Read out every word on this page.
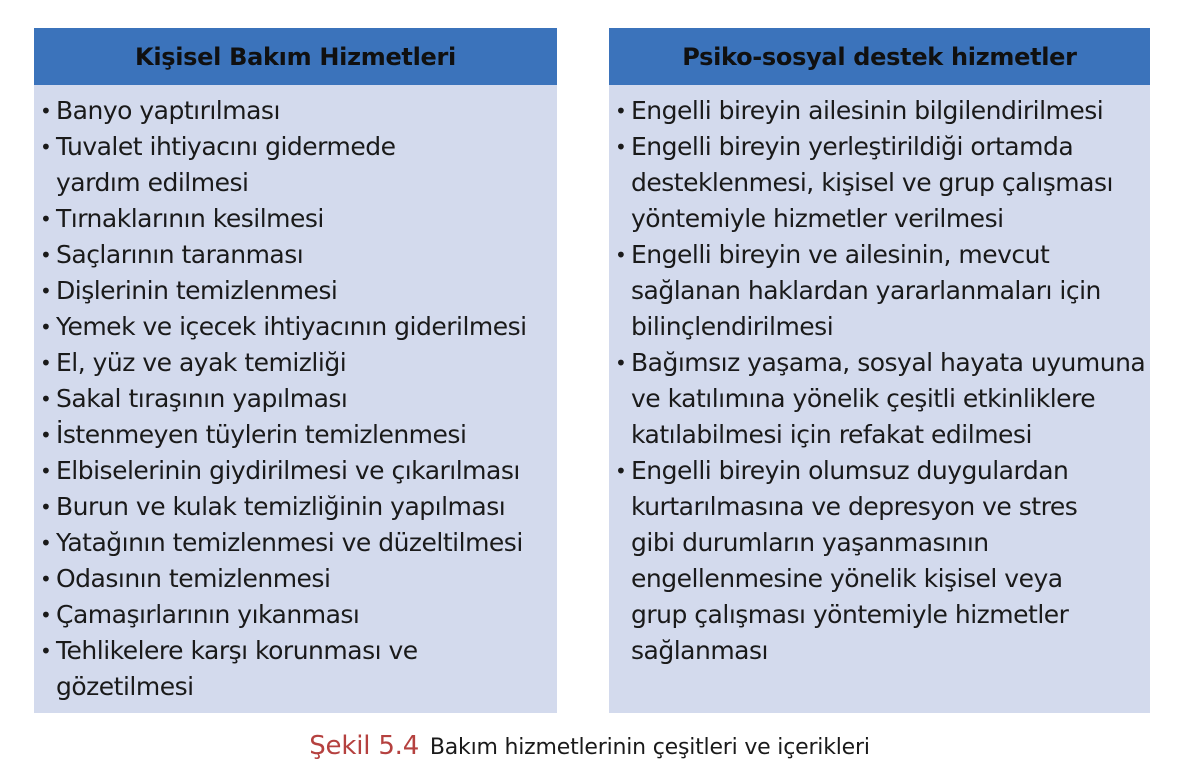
Kişisel Bakım Hizmetleri
• Banyo yaptırılması
• Tuvalet ihtiyacını gidermede
yardım edilmesi
• Tırnaklarının kesilmesi
• Saçlarının taranması
• Dişlerinin temizlenmesi
• Yemek ve içecek ihtiyacının giderilmesi
• El, yüz ve ayak temizliği
• Sakal tıraşının yapılması
• İstenmeyen tüylerin temizlenmesi
• Elbiselerinin giydirilmesi ve çıkarılması
• Burun ve kulak temizliğinin yapılması
• Yatağının temizlenmesi ve düzeltilmesi
• Odasının temizlenmesi
• Çamaşırlarının yıkanması
• Tehlikelere karşı korunması ve
gözetilmesi
Psiko-sosyal destek hizmetler
• Engelli bireyin ailesinin bilgilendirilmesi
• Engelli bireyin yerleştirildiği ortamda
desteklenmesi, kişisel ve grup çalışması
yöntemiyle hizmetler verilmesi
• Engelli bireyin ve ailesinin, mevcut
sağlanan haklardan yararlanmaları için
bilinçlendirilmesi
• Bağımsız yaşama, sosyal hayata uyumuna
ve katılımına yönelik çeşitli etkinliklere
katılabilmesi için refakat edilmesi
• Engelli bireyin olumsuz duygulardan
kurtarılmasına ve depresyon ve stres
gibi durumların yaşanmasının
engellenmesine yönelik kişisel veya
grup çalışması yöntemiyle hizmetler
sağlanması
Şekil 5.4 Bakım hizmetlerinin çeşitleri ve içerikleri
